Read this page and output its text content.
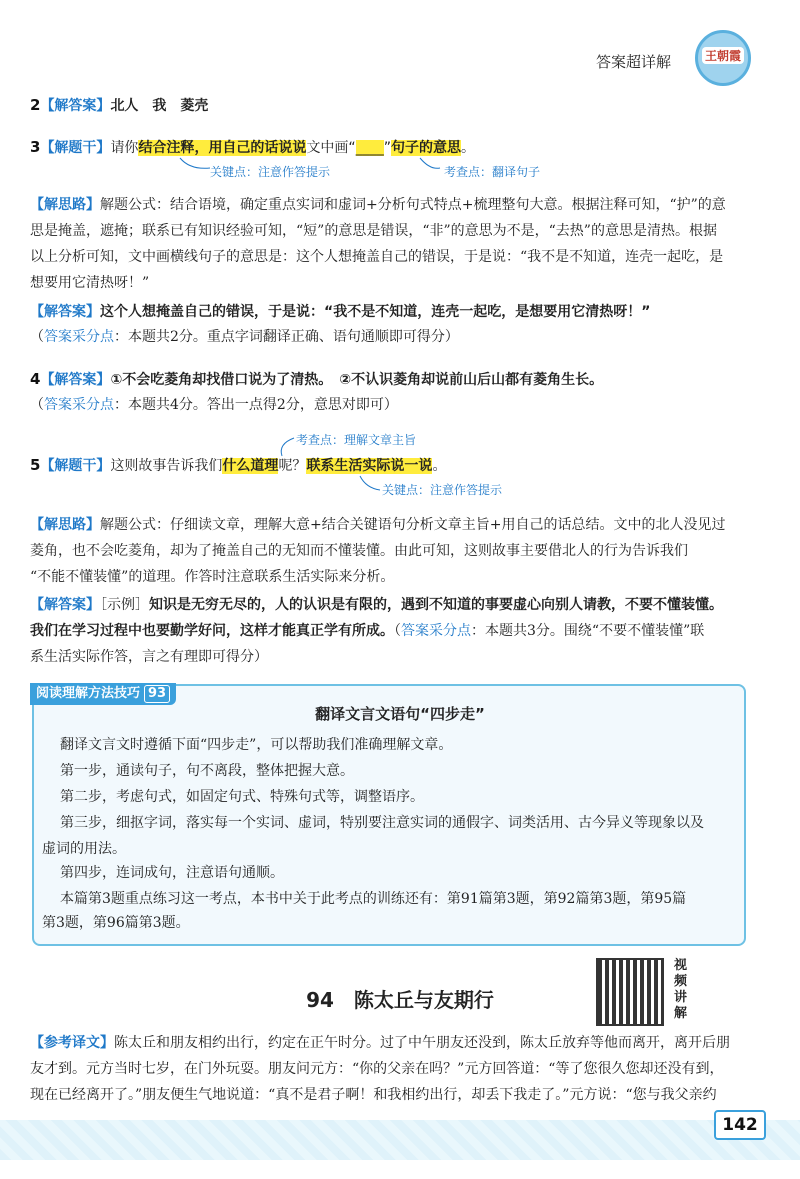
答案超详解	王朝霞
2【解答案】北人　我　菱壳
3【解题干】请你结合注释，用自己的话说说文中画“____”句子的意思。
关键点：注意作答提示	考查点：翻译句子
【解思路】解题公式：结合语境，确定重点实词和虚词+分析句式特点+梳理整句大意。根据注释可知，“护”的意
思是掩盖，遮掩；联系已有知识经验可知，“短”的意思是错误，“非”的意思为不是，“去热”的意思是清热。根据
以上分析可知，文中画横线句子的意思是：这个人想掩盖自己的错误，于是说：“我不是不知道，连壳一起吃，是
想要用它清热呀！”
【解答案】这个人想掩盖自己的错误，于是说：“我不是不知道，连壳一起吃，是想要用它清热呀！”
（答案采分点：本题共2分。重点字词翻译正确、语句通顺即可得分）
4【解答案】①不会吃菱角却找借口说为了清热。　②不认识菱角却说前山后山都有菱角生长。
（答案采分点：本题共4分。答出一点得2分，意思对即可）
考查点：理解文章主旨
5【解题干】这则故事告诉我们什么道理呢？联系生活实际说一说。
关键点：注意作答提示
【解思路】解题公式：仔细读文章，理解大意+结合关键语句分析文章主旨+用自己的话总结。文中的北人没见过
菱角，也不会吃菱角，却为了掩盖自己的无知而不懂装懂。由此可知，这则故事主要借北人的行为告诉我们
“不能不懂装懂”的道理。作答时注意联系生活实际来分析。
【解答案】［示例］知识是无穷无尽的，人的认识是有限的，遇到不知道的事要虚心向别人请教，不要不懂装懂。
我们在学习过程中也要勤学好问，这样才能真正学有所成。（答案采分点：本题共3分。围绕“不要不懂装懂”联
系生活实际作答，言之有理即可得分）
阅读理解方法技巧 93
翻译文言文语句“四步走”
翻译文言文时遵循下面“四步走”，可以帮助我们准确理解文章。
第一步，通读句子，句不离段，整体把握大意。
第二步，考虑句式，如固定句式、特殊句式等，调整语序。
第三步，细抠字词，落实每一个实词、虚词，特别要注意实词的通假字、词类活用、古今异义等现象以及
虚词的用法。
第四步，连词成句，注意语句通顺。
本篇第3题重点练习这一考点，本书中关于此考点的训练还有：第91篇第3题，第92篇第3题，第95篇
第3题，第96篇第3题。
94　陈太丘与友期行
视频讲解
【参考译文】陈太丘和朋友相约出行，约定在正午时分。过了中午朋友还没到，陈太丘放弃等他而离开，离开后朋
友才到。元方当时七岁，在门外玩耍。朋友问元方：“你的父亲在吗？”元方回答道：“等了您很久您却还没有到，
现在已经离开了。”朋友便生气地说道：“真不是君子啊！和我相约出行，却丢下我走了。”元方说：“您与我父亲约
142
